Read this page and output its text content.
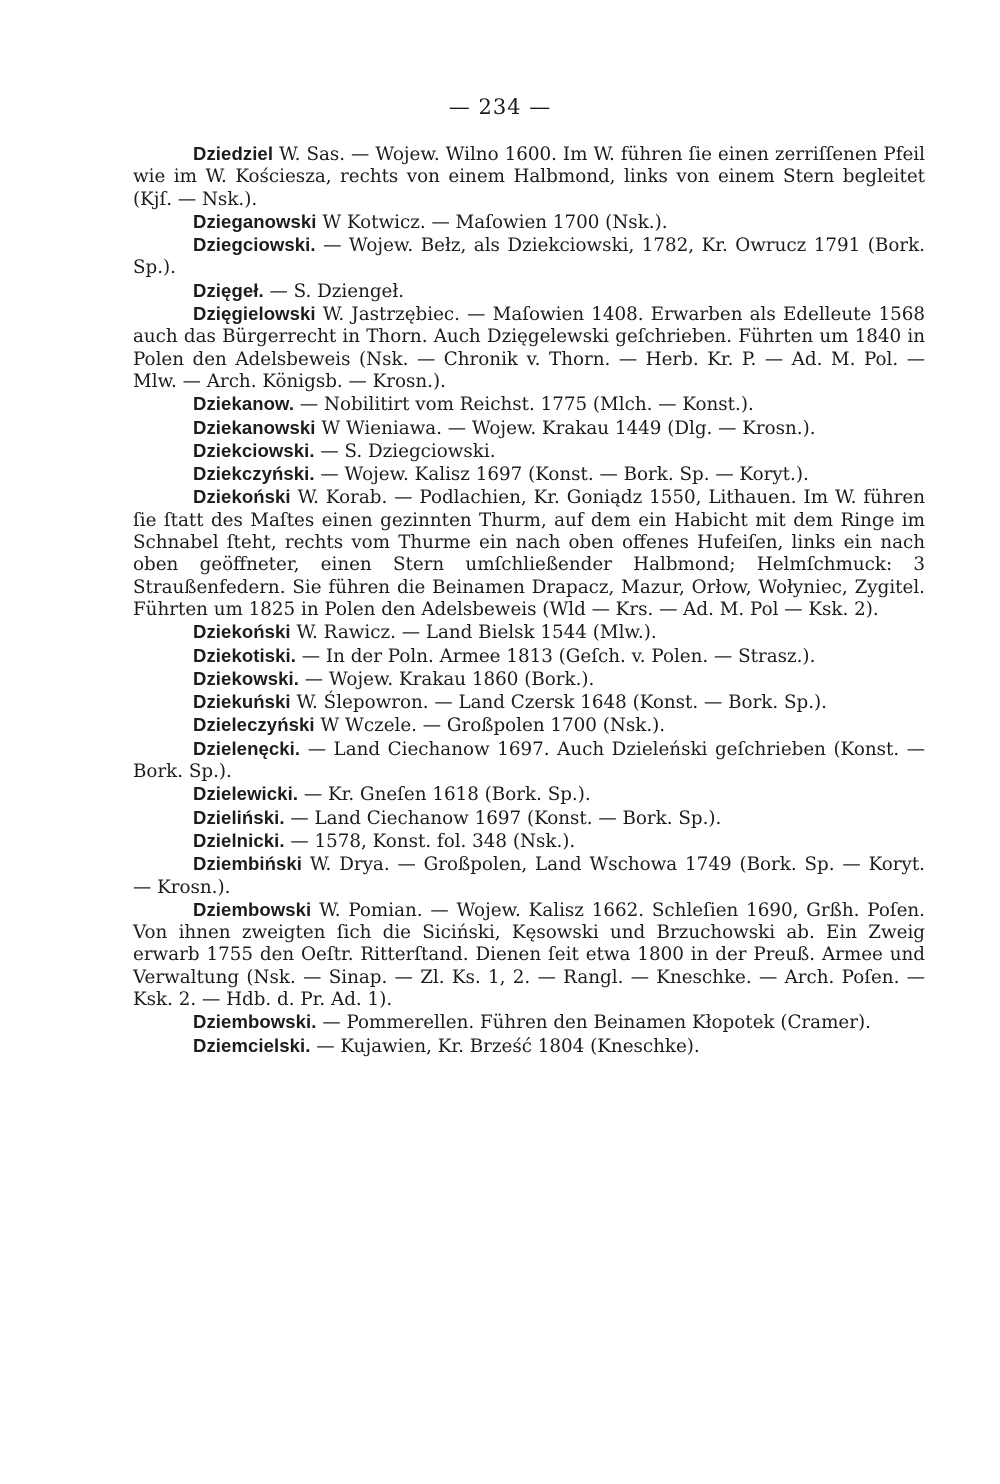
— 234 —

Dziedziel W. Sas. — Wojew. Wilno 1600. Im W. führen ſie einen zerriſſenen Pfeil wie im W. Kościesza, rechts von einem Halbmond, links von einem Stern begleitet (Kjſ. — Nsk.).

Dzieganowski W Kotwicz. — Maſowien 1700 (Nsk.).

Dziegciowski. — Wojew. Bełz, als Dziekciowski, 1782, Kr. Owrucz 1791 (Bork. Sp.).

Dzięgeł. — S. Dziengeł.

Dzięgielowski W. Jastrzębiec. — Maſowien 1408. Erwarben als Edelleute 1568 auch das Bürgerrecht in Thorn. Auch Dzięgelewski geſchrieben. Führten um 1840 in Polen den Adelsbeweis (Nsk. — Chronik v. Thorn. — Herb. Kr. P. — Ad. M. Pol. — Mlw. — Arch. Königsb. — Krosn.).

Dziekanow. — Nobilitirt vom Reichst. 1775 (Mlch. — Konst.).

Dziekanowski W Wieniawa. — Wojew. Krakau 1449 (Dlg. — Krosn.).

Dziekciowski. — S. Dziegciowski.

Dziekczyński. — Wojew. Kalisz 1697 (Konst. — Bork. Sp. — Koryt.).

Dziekoński W. Korab. — Podlachien, Kr. Goniądz 1550, Lithauen. Im W. führen ſie ſtatt des Maſtes einen gezinnten Thurm, auf dem ein Habicht mit dem Ringe im Schnabel ſteht, rechts vom Thurme ein nach oben offenes Hufeiſen, links ein nach oben geöffneter, einen Stern umſchließender Halbmond; Helmſchmuck: 3 Straußenfedern. Sie führen die Beinamen Drapacz, Mazur, Orłow, Wołyniec, Zygitel. Führten um 1825 in Polen den Adelsbeweis (Wld — Krs. — Ad. M. Pol — Ksk. 2).

Dziekoński W. Rawicz. — Land Bielsk 1544 (Mlw.).

Dziekotiski. — In der Poln. Armee 1813 (Geſch. v. Polen. — Strasz.).

Dziekowski. — Wojew. Krakau 1860 (Bork.).

Dziekuński W. Ślepowron. — Land Czersk 1648 (Konst. — Bork. Sp.).

Dzieleczyński W Wczele. — Großpolen 1700 (Nsk.).

Dzielenęcki. — Land Ciechanow 1697. Auch Dzieleński geſchrieben (Konst. — Bork. Sp.).

Dzielewicki. — Kr. Gneſen 1618 (Bork. Sp.).

Dzieliński. — Land Ciechanow 1697 (Konst. — Bork. Sp.).

Dzielnicki. — 1578, Konst. fol. 348 (Nsk.).

Dziembiński W. Drya. — Großpolen, Land Wschowa 1749 (Bork. Sp. — Koryt. — Krosn.).

Dziembowski W. Pomian. — Wojew. Kalisz 1662. Schleſien 1690, Grßh. Poſen. Von ihnen zweigten ſich die Siciński, Kęsowski und Brzuchowski ab. Ein Zweig erwarb 1755 den Oeſtr. Ritterſtand. Dienen ſeit etwa 1800 in der Preuß. Armee und Verwaltung (Nsk. — Sinap. — Zl. Ks. 1, 2. — Rangl. — Kneschke. — Arch. Poſen. — Ksk. 2. — Hdb. d. Pr. Ad. 1).

Dziembowski. — Pommerellen. Führen den Beinamen Kłopotek (Cramer).

Dziemcielski. — Kujawien, Kr. Brześć 1804 (Kneschke).
